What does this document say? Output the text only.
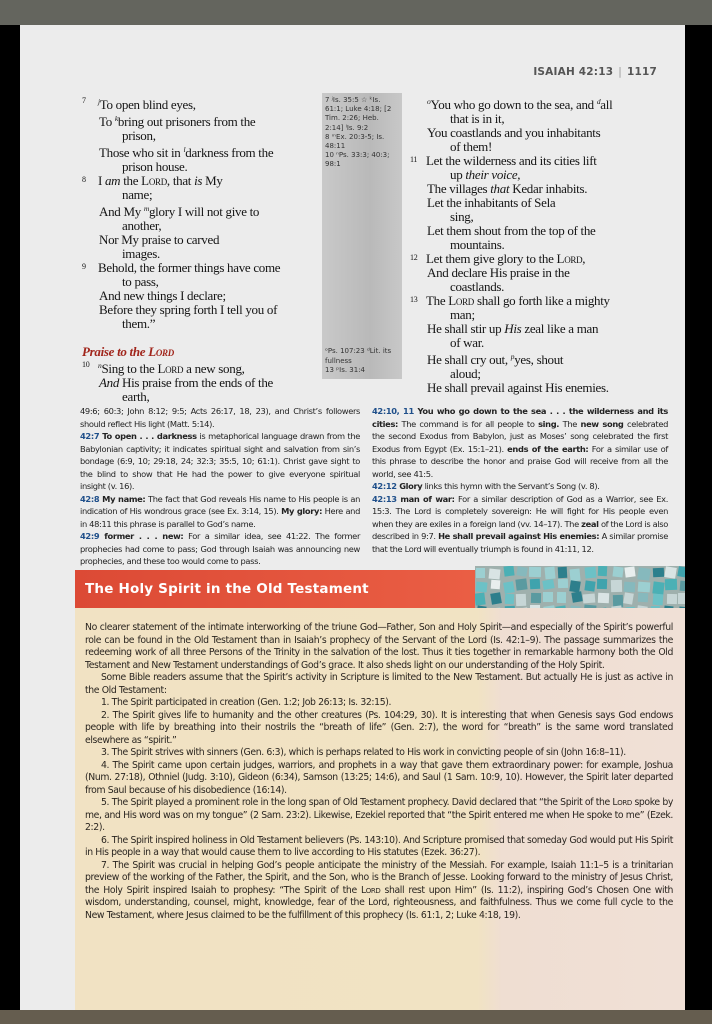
ISAIAH 42:13 | 1117
7 $^j$To open blind eyes,
To $^k$bring out prisoners from the
prison,
Those who sit in $^l$darkness from the
prison house.
8 I am the Lord, that is My
name;
And My $^m$glory I will not give to
another,
Nor My praise to carved
images.
9 Behold, the former things have come
to pass,
And new things I declare;
Before they spring forth I tell you of
them.”
Praise to the Lord
10 $^n$Sing to the Lord a new song,
And His praise from the ends of the
earth,
7 ʲIs. 35:5 ☆ ᵏIs. 61:1; Luke 4:18; [2 Tim. 2:26; Heb. 2:14] ˡIs. 9:2
8 ᵐEx. 20:3-5; Is. 48:11
10 ⁿPs. 33:3; 40:3; 98:1
ᵒPs. 107:23 ᵈLit. its fullness
13 ᵖIs. 31:4
$^o$You who go down to the sea, and $^d$all
that is in it,
You coastlands and you inhabitants
of them!
11 Let the wilderness and its cities lift
up their voice,
The villages that Kedar inhabits.
Let the inhabitants of Sela
sing,
Let them shout from the top of the
mountains.
12 Let them give glory to the Lord,
And declare His praise in the
coastlands.
13 The Lord shall go forth like a mighty
man;
He shall stir up His zeal like a man
of war.
He shall cry out, $^p$yes, shout
aloud;
He shall prevail against His enemies.

49:6; 60:3; John 8:12; 9:5; Acts 26:17, 18, 23), and Christ’s followers should reflect His light (Matt. 5:14).

42:7 To open . . . darkness is metaphorical language drawn from the Babylonian captivity; it indicates spiritual sight and salvation from sin’s bondage (6:9, 10; 29:18, 24; 32:3; 35:5, 10; 61:1). Christ gave sight to the blind to show that He had the power to give everyone spiritual insight (v. 16).

42:8 My name: The fact that God reveals His name to His people is an indication of His wondrous grace (see Ex. 3:14, 15). My glory: Here and in 48:11 this phrase is parallel to God’s name.

42:9 former . . . new: For a similar idea, see 41:22. The former prophecies had come to pass; God through Isaiah was announcing new prophecies, and these too would come to pass.

42:10, 11 You who go down to the sea . . . the wilderness and its cities: The command is for all people to sing. The new song celebrated the second Exodus from Babylon, just as Moses’ song celebrated the first Exodus from Egypt (Ex. 15:1–21). ends of the earth: For a similar use of this phrase to describe the honor and praise God will receive from all the world, see 41:5.

42:12 Glory links this hymn with the Servant’s Song (v. 8).

42:13 man of war: For a similar description of God as a Warrior, see Ex. 15:3. The Lord is completely sovereign: He will fight for His people even when they are exiles in a foreign land (vv. 14–17). The zeal of the Lord is also described in 9:7. He shall prevail against His enemies: A similar promise that the Lord will eventually triumph is found in 41:11, 12.

The Holy Spirit in the Old Testament

No clearer statement of the intimate interworking of the triune God—Father, Son and Holy Spirit—and especially of the Spirit’s powerful role can be found in the Old Testament than in Isaiah’s prophecy of the Servant of the Lord (Is. 42:1–9). The passage summarizes the redeeming work of all three Persons of the Trinity in the salvation of the lost. Thus it ties together in remarkable harmony both the Old Testament and New Testament understandings of God’s grace. It also sheds light on our understanding of the Holy Spirit.

Some Bible readers assume that the Spirit’s activity in Scripture is limited to the New Testament. But actually He is just as active in the Old Testament:

1. The Spirit participated in creation (Gen. 1:2; Job 26:13; Is. 32:15).

2. The Spirit gives life to humanity and the other creatures (Ps. 104:29, 30). It is interesting that when Genesis says God endows people with life by breathing into their nostrils the “breath of life” (Gen. 2:7), the word for “breath” is the same word translated elsewhere as “spirit.”

3. The Spirit strives with sinners (Gen. 6:3), which is perhaps related to His work in convicting people of sin (John 16:8–11).

4. The Spirit came upon certain judges, warriors, and prophets in a way that gave them extraordinary power: for example, Joshua (Num. 27:18), Othniel (Judg. 3:10), Gideon (6:34), Samson (13:25; 14:6), and Saul (1 Sam. 10:9, 10). However, the Spirit later departed from Saul because of his disobedience (16:14).

5. The Spirit played a prominent role in the long span of Old Testament prophecy. David declared that “the Spirit of the Lord spoke by me, and His word was on my tongue” (2 Sam. 23:2). Likewise, Ezekiel reported that “the Spirit entered me when He spoke to me” (Ezek. 2:2).

6. The Spirit inspired holiness in Old Testament believers (Ps. 143:10). And Scripture promised that someday God would put His Spirit in His people in a way that would cause them to live according to His statutes (Ezek. 36:27).

7. The Spirit was crucial in helping God’s people anticipate the ministry of the Messiah. For example, Isaiah 11:1–5 is a trinitarian preview of the working of the Father, the Spirit, and the Son, who is the Branch of Jesse. Looking forward to the ministry of Jesus Christ, the Holy Spirit inspired Isaiah to prophesy: “The Spirit of the Lord shall rest upon Him” (Is. 11:2), inspiring God’s Chosen One with wisdom, understanding, counsel, might, knowledge, fear of the Lord, righteousness, and faithfulness. Thus we come full cycle to the New Testament, where Jesus claimed to be the fulfillment of this prophecy (Is. 61:1, 2; Luke 4:18, 19).
